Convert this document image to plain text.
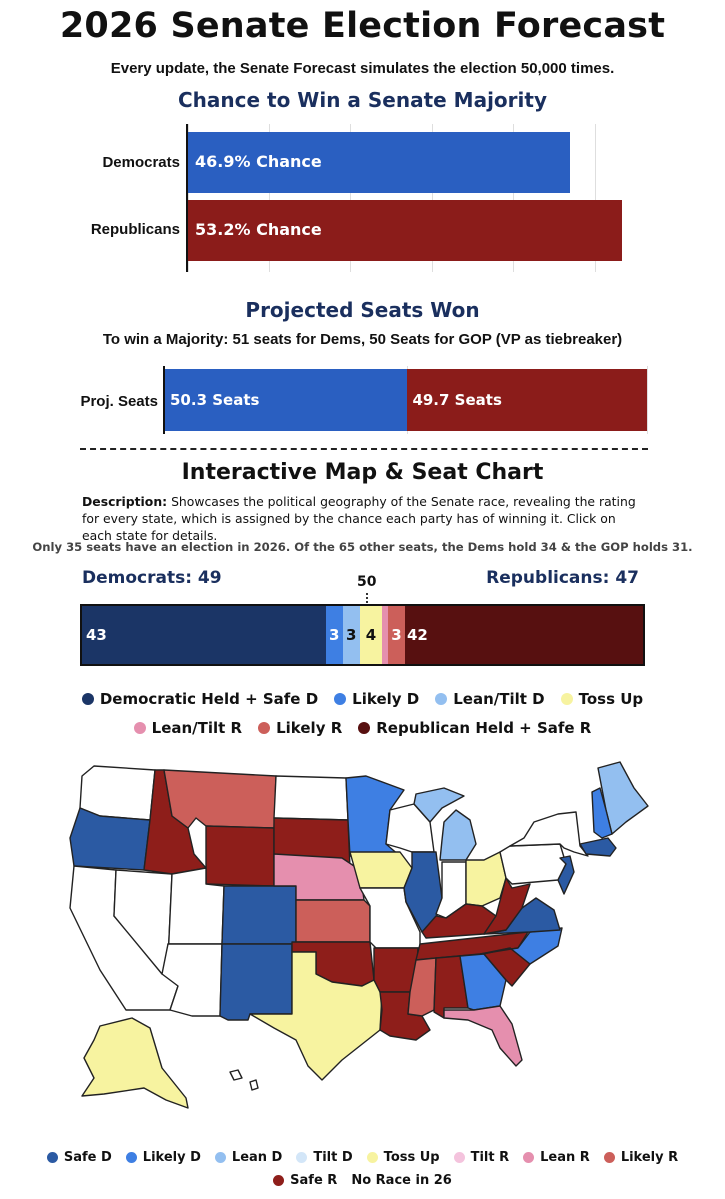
2026 Senate Election Forecast
Every update, the Senate Forecast simulates the election 50,000 times.
Chance to Win a Senate Majority
Democrats
Republicans
46.9% Chance
53.2% Chance
Projected Seats Won
To win a Majority: 51 seats for Dems, 50 Seats for GOP (VP as tiebreaker)
Proj. Seats 50.3 Seats	49.7 Seats
Interactive Map & Seat Chart
Description: Showcases the political geography of the Senate race, revealing the rating for every state, which is assigned by the chance each party has of winning it. Click on each state for details.
Only 35 seats have an election in 2026. Of the 65 other seats, the Dems hold 34 & the GOP holds 31.
Democrats: 49	Republicans: 47
50
43	3 3 4 3 42
Democratic Held + Safe D Likely D Lean/Tilt D Toss Up
Lean/Tilt R Likely R Republican Held + Safe R
Safe D Likely D Lean D Tilt D Toss Up Tilt R Lean R Likely R
Safe R No Race in 26
